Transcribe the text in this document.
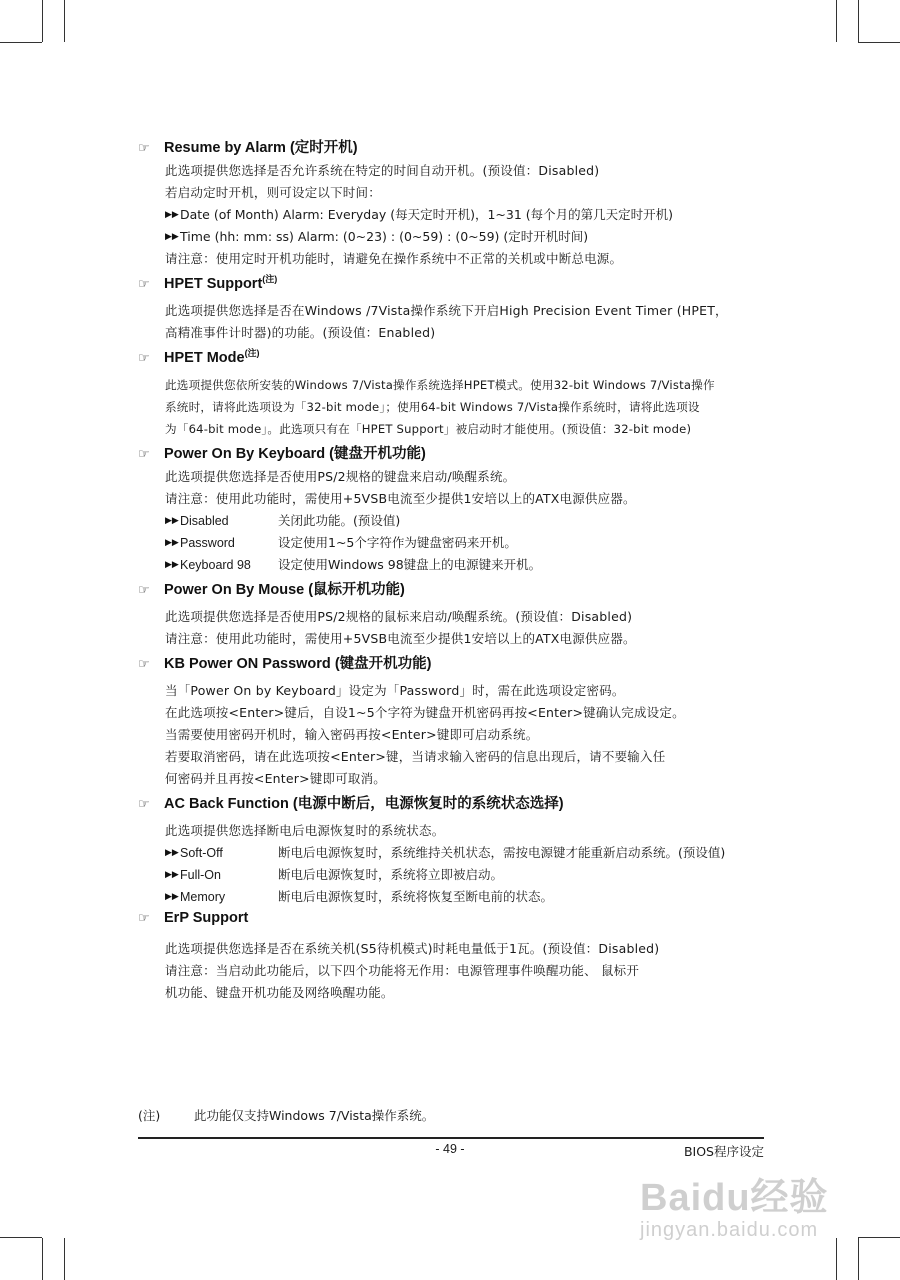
☞ Resume by Alarm (定时开机)
此选项提供您选择是否允许系统在特定的时间自动开机。(预设值：Disabled)
若启动定时开机，则可设定以下时间：
▶▶ Date (of Month) Alarm: Everyday (每天定时开机)，1~31 (每个月的第几天定时开机)
▶▶ Time (hh: mm: ss) Alarm: (0~23) : (0~59) : (0~59) (定时开机时间)
请注意：使用定时开机功能时，请避免在操作系统中不正常的关机或中断总电源。
☞ HPET Support$^{(注)}$
此选项提供您选择是否在Windows /7Vista操作系统下开启High Precision Event Timer (HPET，
高精准事件计时器)的功能。(预设值：Enabled)
☞ HPET Mode$^{(注)}$
此选项提供您依所安装的Windows 7/Vista操作系统选择HPET模式。使用32-bit Windows 7/Vista操作
系统时，请将此选项设为「32-bit mode」；使用64-bit Windows 7/Vista操作系统时，请将此选项设
为「64-bit mode」。此选项只有在「HPET Support」被启动时才能使用。(预设值：32-bit mode)
☞ Power On By Keyboard (键盘开机功能)
此选项提供您选择是否使用PS/2规格的键盘来启动/唤醒系统。
请注意：使用此功能时，需使用+5VSB电流至少提供1安培以上的ATX电源供应器。
▶▶ Disabled	关闭此功能。(预设值)
▶▶ Password	设定使用1~5个字符作为键盘密码来开机。
▶▶ Keyboard 98	设定使用Windows 98键盘上的电源键来开机。
☞ Power On By Mouse (鼠标开机功能)
此选项提供您选择是否使用PS/2规格的鼠标来启动/唤醒系统。(预设值：Disabled)
请注意：使用此功能时，需使用+5VSB电流至少提供1安培以上的ATX电源供应器。
☞ KB Power ON Password (键盘开机功能)
当「Power On by Keyboard」设定为「Password」时，需在此选项设定密码。
在此选项按<Enter>键后，自设1~5个字符为键盘开机密码再按<Enter>键确认完成设定。
当需要使用密码开机时，输入密码再按<Enter>键即可启动系统。
若要取消密码，请在此选项按<Enter>键，当请求输入密码的信息出现后，请不要输入任
何密码并且再按<Enter>键即可取消。
☞ AC Back Function (电源中断后，电源恢复时的系统状态选择)
此选项提供您选择断电后电源恢复时的系统状态。
▶▶ Soft-Off	断电后电源恢复时，系统维持关机状态，需按电源键才能重新启动系统。(预设值)
▶▶ Full-On	断电后电源恢复时，系统将立即被启动。
▶▶ Memory	断电后电源恢复时，系统将恢复至断电前的状态。
☞ ErP Support
此选项提供您选择是否在系统关机(S5待机模式)时耗电量低于1瓦。(预设值：Disabled)
请注意：当启动此功能后，以下四个功能将无作用：电源管理事件唤醒功能、 鼠标开
机功能、键盘开机功能及网络唤醒功能。
(注)	此功能仅支持Windows 7/Vista操作系统。
- 49 -	BIOS程序设定
Baidu经验
jingyan.baidu.com
